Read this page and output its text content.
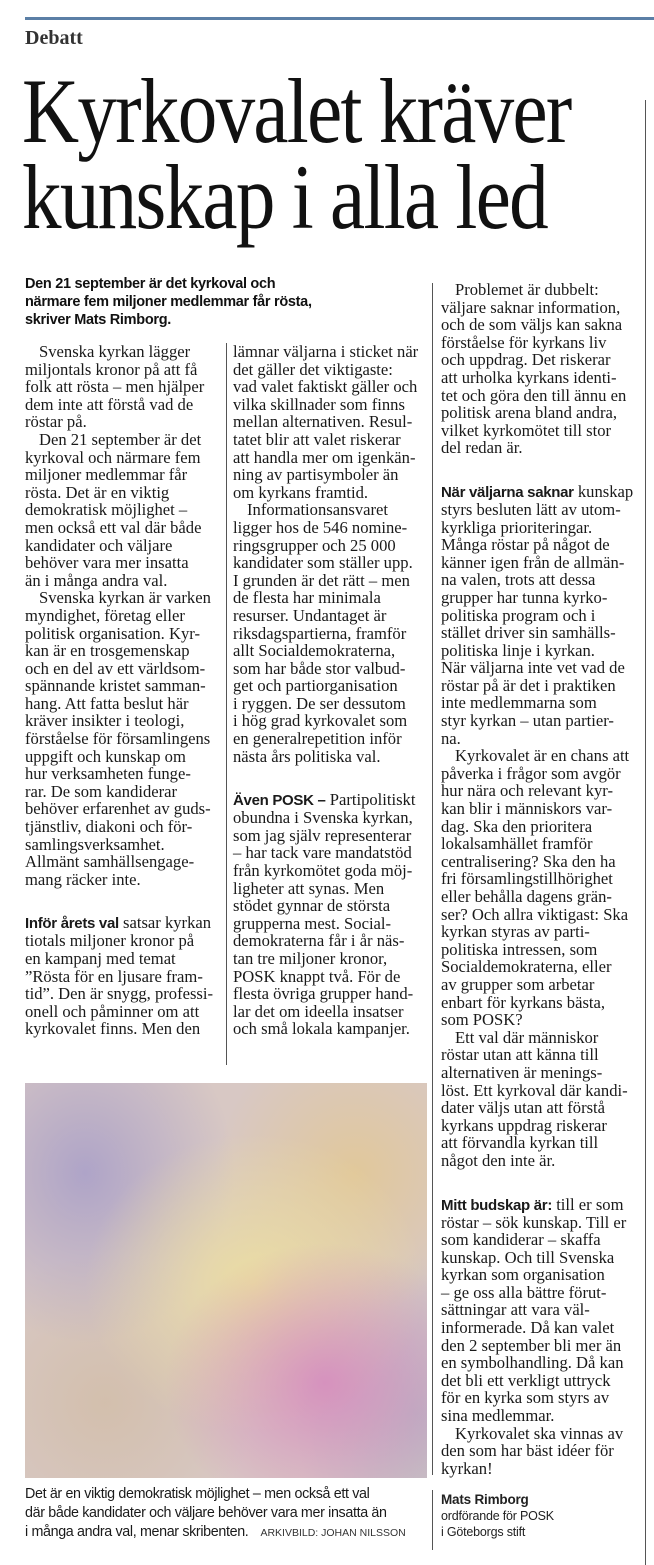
Debatt
Kyrkovalet kräver
kunskap i alla led
Den 21 september är det kyrkoval och
närmare fem miljoner medlemmar får rösta,
skriver Mats Rimborg.
Svenska kyrkan lägger
miljontals kronor på att få
folk att rösta – men hjälper
dem inte att förstå vad de
röstar på.
Den 21 september är det
kyrkoval och närmare fem
miljoner medlemmar får
rösta. Det är en viktig
demokratisk möjlighet –
men också ett val där både
kandidater och väljare
behöver vara mer insatta
än i många andra val.
Svenska kyrkan är varken
myndighet, företag eller
politisk organisation. Kyr-
kan är en trosgemenskap
och en del av ett världsom-
spännande kristet samman-
hang. Att fatta beslut här
kräver insikter i teologi,
förståelse för församlingens
uppgift och kunskap om
hur verksamheten funge-
rar. De som kandiderar
behöver erfarenhet av guds-
tjänstliv, diakoni och för-
samlingsverksamhet.
Allmänt samhällsengage-
mang räcker inte.
Inför årets val satsar kyrkan
tiotals miljoner kronor på
en kampanj med temat
”Rösta för en ljusare fram-
tid”. Den är snygg, professi-
onell och påminner om att
kyrkovalet finns. Men den
lämnar väljarna i sticket när
det gäller det viktigaste:
vad valet faktiskt gäller och
vilka skillnader som finns
mellan alternativen. Resul-
tatet blir att valet riskerar
att handla mer om igenkän-
ning av partisymboler än
om kyrkans framtid.
Informationsansvaret
ligger hos de 546 nomine-
ringsgrupper och 25 000
kandidater som ställer upp.
I grunden är det rätt – men
de flesta har minimala
resurser. Undantaget är
riksdagspartierna, framför
allt Socialdemokraterna,
som har både stor valbud-
get och partiorganisation
i ryggen. De ser dessutom
i hög grad kyrkovalet som
en generalrepetition inför
nästa års politiska val.
Även POSK – Partipolitiskt
obundna i Svenska kyrkan,
som jag själv representerar
– har tack vare mandatstöd
från kyrkomötet goda möj-
ligheter att synas. Men
stödet gynnar de största
grupperna mest. Social-
demokraterna får i år näs-
tan tre miljoner kronor,
POSK knappt två. För de
flesta övriga grupper hand-
lar det om ideella insatser
och små lokala kampanjer.
Problemet är dubbelt:
väljare saknar information,
och de som väljs kan sakna
förståelse för kyrkans liv
och uppdrag. Det riskerar
att urholka kyrkans identi-
tet och göra den till ännu en
politisk arena bland andra,
vilket kyrkomötet till stor
del redan är.
När väljarna saknar kunskap
styrs besluten lätt av utom-
kyrkliga prioriteringar.
Många röstar på något de
känner igen från de allmän-
na valen, trots att dessa
grupper har tunna kyrko-
politiska program och i
stället driver sin samhälls-
politiska linje i kyrkan.
När väljarna inte vet vad de
röstar på är det i praktiken
inte medlemmarna som
styr kyrkan – utan partier-
na.
Kyrkovalet är en chans att
påverka i frågor som avgör
hur nära och relevant kyr-
kan blir i människors var-
dag. Ska den prioritera
lokalsamhället framför
centralisering? Ska den ha
fri församlingstillhörighet
eller behålla dagens grän-
ser? Och allra viktigast: Ska
kyrkan styras av parti-
politiska intressen, som
Socialdemokraterna, eller
av grupper som arbetar
enbart för kyrkans bästa,
som POSK?
Ett val där människor
röstar utan att känna till
alternativen är menings-
löst. Ett kyrkoval där kandi-
dater väljs utan att förstå
kyrkans uppdrag riskerar
att förvandla kyrkan till
något den inte är.
Mitt budskap är: till er som
röstar – sök kunskap. Till er
som kandiderar – skaffa
kunskap. Och till Svenska
kyrkan som organisation
– ge oss alla bättre förut-
sättningar att vara väl-
informerade. Då kan valet
den 2 september bli mer än
en symbolhandling. Då kan
det bli ett verkligt uttryck
för en kyrka som styrs av
sina medlemmar.
Kyrkovalet ska vinnas av
den som har bäst idéer för
kyrkan!
Det är en viktig demokratisk möjlighet – men också ett val
där både kandidater och väljare behöver vara mer insatta än
i många andra val, menar skribenten. ARKIVBILD: JOHAN NILSSON
Mats Rimborg
ordförande för POSK
i Göteborgs stift
